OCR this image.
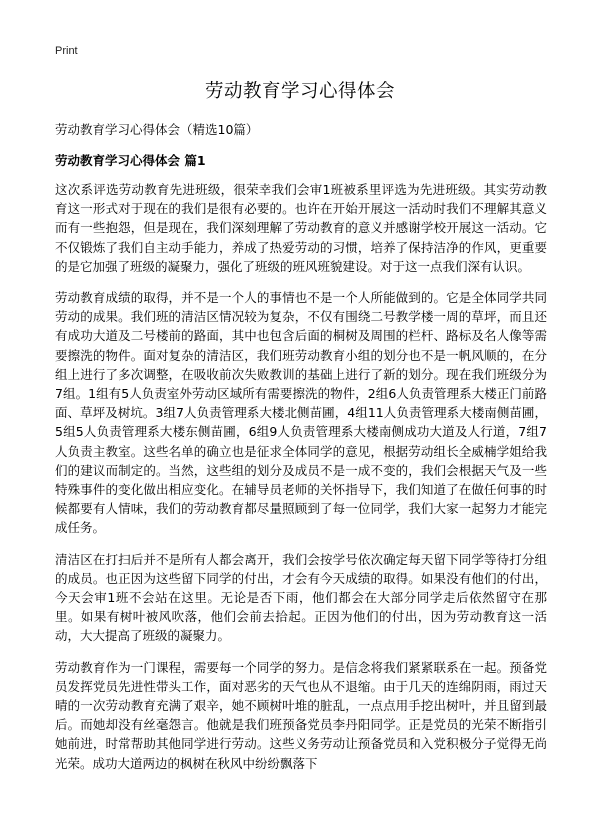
Print
劳动教育学习心得体会

劳动教育学习心得体会（精选10篇）

劳动教育学习心得体会 篇1

这次系评选劳动教育先进班级，很荣幸我们会审1班被系里评选为先进班级。其实劳动教育这一形式对于现在的我们是很有必要的。也许在开始开展这一活动时我们不理解其意义而有一些抱怨，但是现在，我们深刻理解了劳动教育的意义并感谢学校开展这一活动。它不仅锻炼了我们自主动手能力，养成了热爱劳动的习惯，培养了保持洁净的作风，更重要的是它加强了班级的凝聚力，强化了班级的班风班貌建设。对于这一点我们深有认识。

劳动教育成绩的取得，并不是一个人的事情也不是一个人所能做到的。它是全体同学共同劳动的成果。我们班的清洁区情况较为复杂，不仅有围绕二号教学楼一周的草坪，而且还有成功大道及二号楼前的路面，其中也包含后面的桐树及周围的栏杆、路标及名人像等需要擦洗的物件。面对复杂的清洁区，我们班劳动教育小组的划分也不是一帆风顺的，在分组上进行了多次调整，在吸收前次失败教训的基础上进行了新的划分。现在我们班级分为7组。1组有5人负责室外劳动区域所有需要擦洗的物件，2组6人负责管理系大楼正门前路面、草坪及树坑。3组7人负责管理系大楼北侧苗圃，4组11人负责管理系大楼南侧苗圃，5组5人负责管理系大楼东侧苗圃，6组9人负责管理系大楼南侧成功大道及人行道，7组7人负责主教室。这些名单的确立也是征求全体同学的意见，根据劳动组长全威楠学姐给我们的建议而制定的。当然，这些组的划分及成员不是一成不变的，我们会根据天气及一些特殊事件的变化做出相应变化。在辅导员老师的关怀指导下，我们知道了在做任何事的时候都要有人情味，我们的劳动教育都尽量照顾到了每一位同学，我们大家一起努力才能完成任务。

清洁区在打扫后并不是所有人都会离开，我们会按学号依次确定每天留下同学等待打分组的成员。也正因为这些留下同学的付出，才会有今天成绩的取得。如果没有他们的付出，今天会审1班不会站在这里。无论是否下雨，他们都会在大部分同学走后依然留守在那里。如果有树叶被风吹落，他们会前去拾起。正因为他们的付出，因为劳动教育这一活动，大大提高了班级的凝聚力。

劳动教育作为一门课程，需要每一个同学的努力。是信念将我们紧紧联系在一起。预备党员发挥党员先进性带头工作，面对恶劣的天气也从不退缩。由于几天的连绵阴雨，雨过天晴的一次劳动教育充满了艰辛，她不顾树叶堆的脏乱，一点点用手挖出树叶，并且留到最后。而她却没有丝毫怨言。他就是我们班预备党员李丹阳同学。正是党员的光荣不断指引她前进，时常帮助其他同学进行劳动。这些义务劳动让预备党员和入党积极分子觉得无尚光荣。成功大道两边的枫树在秋风中纷纷飘落下
